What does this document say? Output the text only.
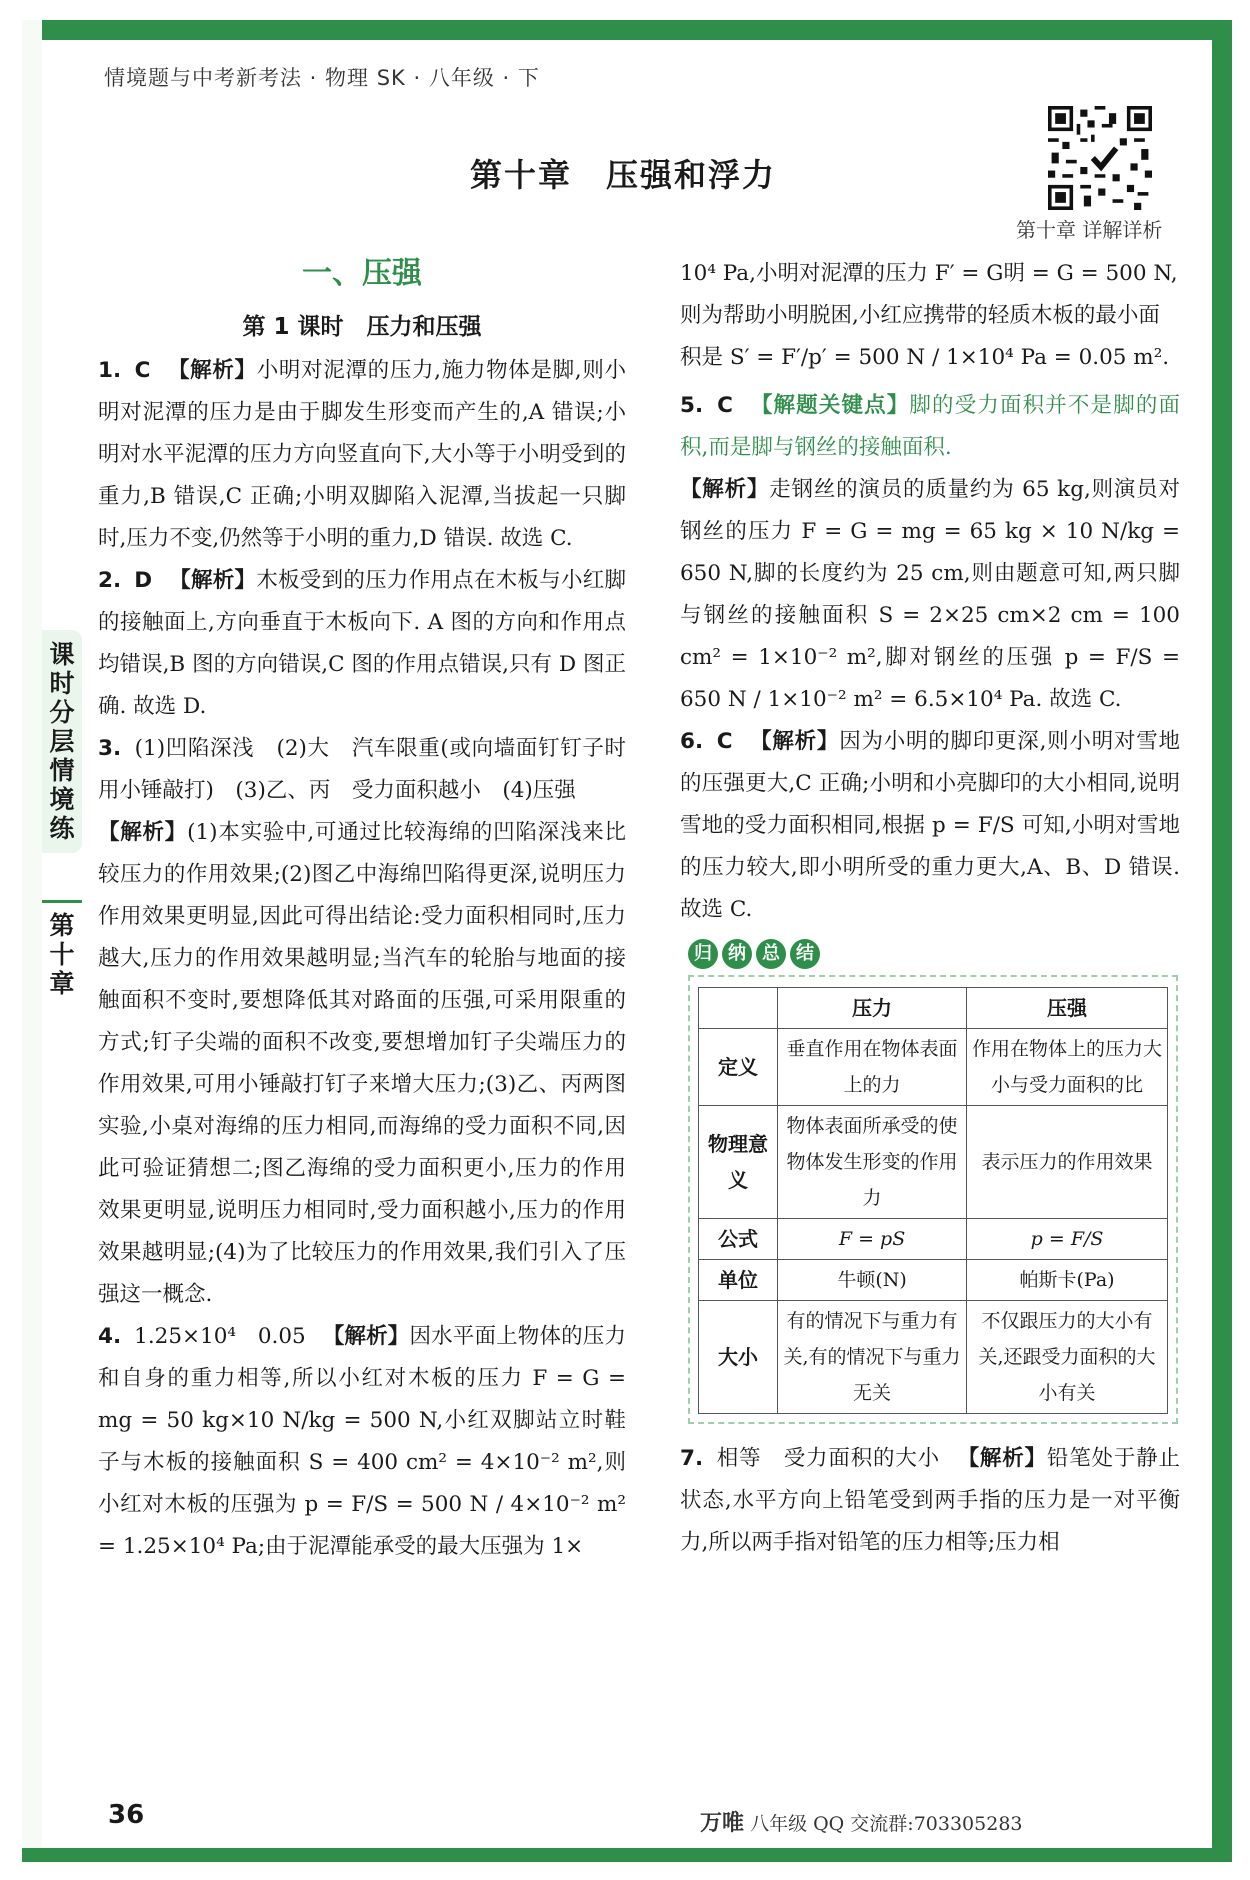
情境题与中考新考法 · 物理 SK · 八年级 · 下
第十章　压强和浮力
第十章 详解详析
课时分层情境练
第十章
一、压强
第 1 课时　压力和压强

1. C 【解析】小明对泥潭的压力,施力物体是脚,则小明对泥潭的压力是由于脚发生形变而产生的,A 错误;小明对水平泥潭的压力方向竖直向下,大小等于小明受到的重力,B 错误,C 正确;小明双脚陷入泥潭,当拔起一只脚时,压力不变,仍然等于小明的重力,D 错误. 故选 C.

2. D 【解析】木板受到的压力作用点在木板与小红脚的接触面上,方向垂直于木板向下. A 图的方向和作用点均错误,B 图的方向错误,C 图的作用点错误,只有 D 图正确. 故选 D.

3. (1)凹陷深浅　(2)大　汽车限重(或向墙面钉钉子时用小锤敲打)　(3)乙、丙　受力面积越小　(4)压强

【解析】(1)本实验中,可通过比较海绵的凹陷深浅来比较压力的作用效果;(2)图乙中海绵凹陷得更深,说明压力作用效果更明显,因此可得出结论:受力面积相同时,压力越大,压力的作用效果越明显;当汽车的轮胎与地面的接触面积不变时,要想降低其对路面的压强,可采用限重的方式;钉子尖端的面积不改变,要想增加钉子尖端压力的作用效果,可用小锤敲打钉子来增大压力;(3)乙、丙两图实验,小桌对海绵的压力相同,而海绵的受力面积不同,因此可验证猜想二;图乙海绵的受力面积更小,压力的作用效果更明显,说明压力相同时,受力面积越小,压力的作用效果越明显;(4)为了比较压力的作用效果,我们引入了压强这一概念.

4. 1.25×10⁴　0.05 【解析】因水平面上物体的压力和自身的重力相等,所以小红对木板的压力 F = G = mg = 50 kg×10 N/kg = 500 N,小红双脚站立时鞋子与木板的接触面积 S = 400 cm² = 4×10⁻² m²,则小红对木板的压强为 p = F/S = 500 N / 4×10⁻² m² = 1.25×10⁴ Pa;由于泥潭能承受的最大压强为 1×

10⁴ Pa,小明对泥潭的压力 F′ = G明 = G = 500 N,则为帮助小明脱困,小红应携带的轻质木板的最小面积是 S′ = F′/p′ = 500 N / 1×10⁴ Pa = 0.05 m².

5. C 【解题关键点】脚的受力面积并不是脚的面积,而是脚与钢丝的接触面积.

【解析】走钢丝的演员的质量约为 65 kg,则演员对钢丝的压力 F = G = mg = 65 kg × 10 N/kg = 650 N,脚的长度约为 25 cm,则由题意可知,两只脚与钢丝的接触面积 S = 2×25 cm×2 cm = 100 cm² = 1×10⁻² m²,脚对钢丝的压强 p = F/S = 650 N / 1×10⁻² m² = 6.5×10⁴ Pa. 故选 C.

6. C 【解析】因为小明的脚印更深,则小明对雪地的压强更大,C 正确;小明和小亮脚印的大小相同,说明雪地的受力面积相同,根据 p = F/S 可知,小明对雪地的压力较大,即小明所受的重力更大,A、B、D 错误. 故选 C.

归 纳 总 结
	压力	压强
定义	垂直作用在物体表面上的力	作用在物体上的压力大小与受力面积的比
物理意义	物体表面所承受的使物体发生形变的作用力	表示压力的作用效果
公式	F = pS	p = F/S
单位	牛顿(N)	帕斯卡(Pa)
大小	有的情况下与重力有关,有的情况下与重力无关	不仅跟压力的大小有关,还跟受力面积的大小有关

7. 相等　受力面积的大小 【解析】铅笔处于静止状态,水平方向上铅笔受到两手指的压力是一对平衡力,所以两手指对铅笔的压力相等;压力相

36	万唯 八年级 QQ 交流群:703305283
